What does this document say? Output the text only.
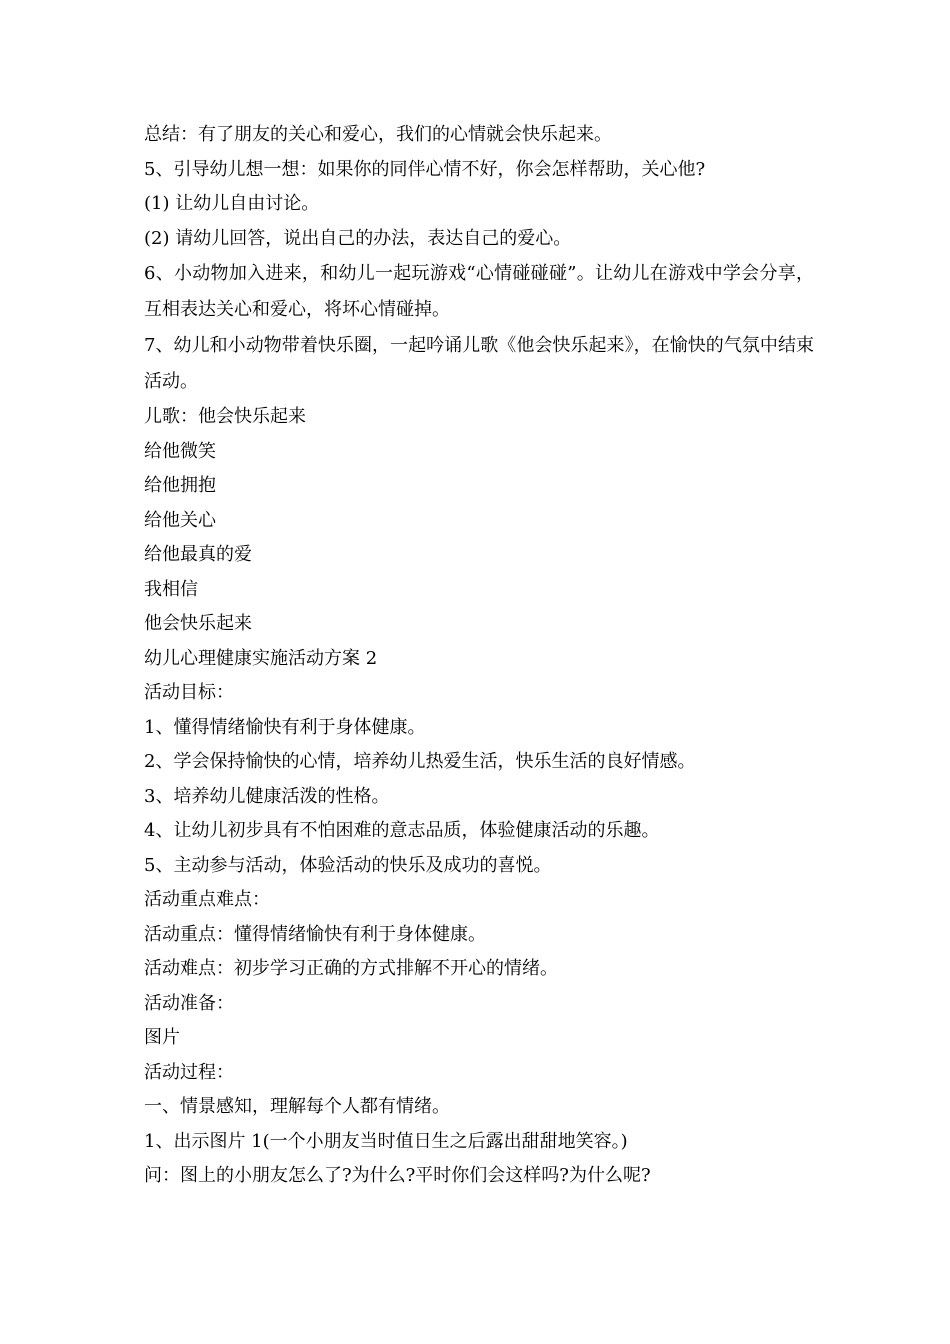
总结：有了朋友的关心和爱心，我们的心情就会快乐起来。
5、引导幼儿想一想：如果你的同伴心情不好，你会怎样帮助，关心他?
(1) 让幼儿自由讨论。
(2) 请幼儿回答，说出自己的办法，表达自己的爱心。
6、小动物加入进来，和幼儿一起玩游戏“心情碰碰碰”。让幼儿在游戏中学会分享，互相表达关心和爱心，将坏心情碰掉。
7、幼儿和小动物带着快乐圈，一起吟诵儿歌《他会快乐起来》，在愉快的气氛中结束活动。
儿歌：他会快乐起来
给他微笑
给他拥抱
给他关心
给他最真的爱
我相信
他会快乐起来
幼儿心理健康实施活动方案 2
活动目标：
1、懂得情绪愉快有利于身体健康。
2、学会保持愉快的心情，培养幼儿热爱生活，快乐生活的良好情感。
3、培养幼儿健康活泼的性格。
4、让幼儿初步具有不怕困难的意志品质，体验健康活动的乐趣。
5、主动参与活动，体验活动的快乐及成功的喜悦。
活动重点难点：
活动重点：懂得情绪愉快有利于身体健康。
活动难点：初步学习正确的方式排解不开心的情绪。
活动准备：
图片
活动过程：
一、情景感知，理解每个人都有情绪。
1、出示图片 1(一个小朋友当时值日生之后露出甜甜地笑容。)
问：图上的小朋友怎么了?为什么?平时你们会这样吗?为什么呢?
